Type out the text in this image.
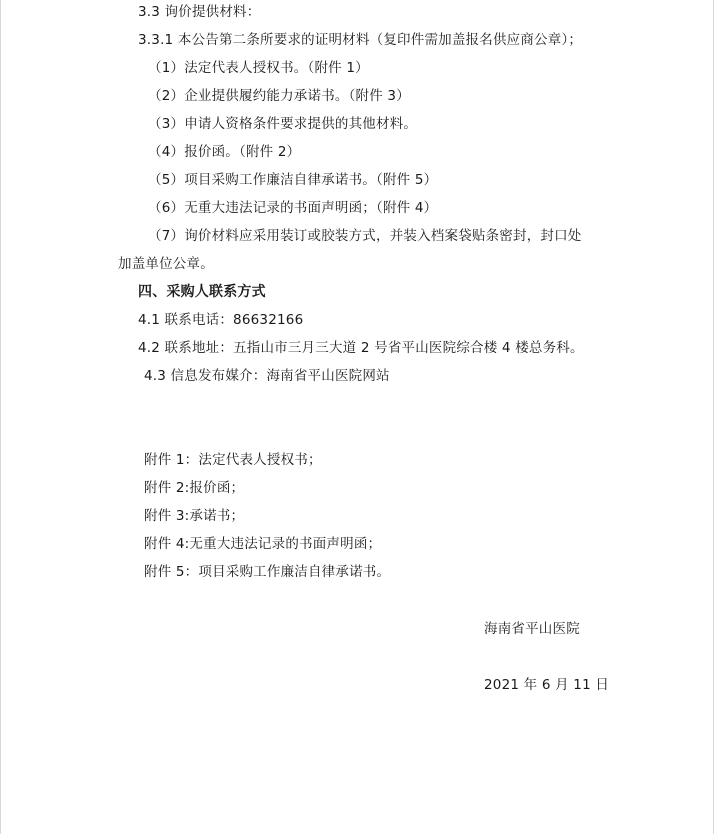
3.3 询价提供材料：
3.3.1 本公告第二条所要求的证明材料（复印件需加盖报名供应商公章）；
（1）法定代表人授权书。（附件 1）
（2）企业提供履约能力承诺书。（附件 3）
（3）申请人资格条件要求提供的其他材料。
（4）报价函。（附件 2）
（5）项目采购工作廉洁自律承诺书。（附件 5）
（6）无重大违法记录的书面声明函；（附件 4）
（7）询价材料应采用装订或胶装方式，并装入档案袋贴条密封，封口处
加盖单位公章。
四、采购人联系方式
4.1 联系电话：86632166
4.2 联系地址：五指山市三月三大道 2 号省平山医院综合楼 4 楼总务科。
4.3 信息发布媒介：海南省平山医院网站
附件 1：法定代表人授权书；
附件 2:报价函；
附件 3:承诺书；
附件 4:无重大违法记录的书面声明函；
附件 5：项目采购工作廉洁自律承诺书。
海南省平山医院
2021 年 6 月 11 日
